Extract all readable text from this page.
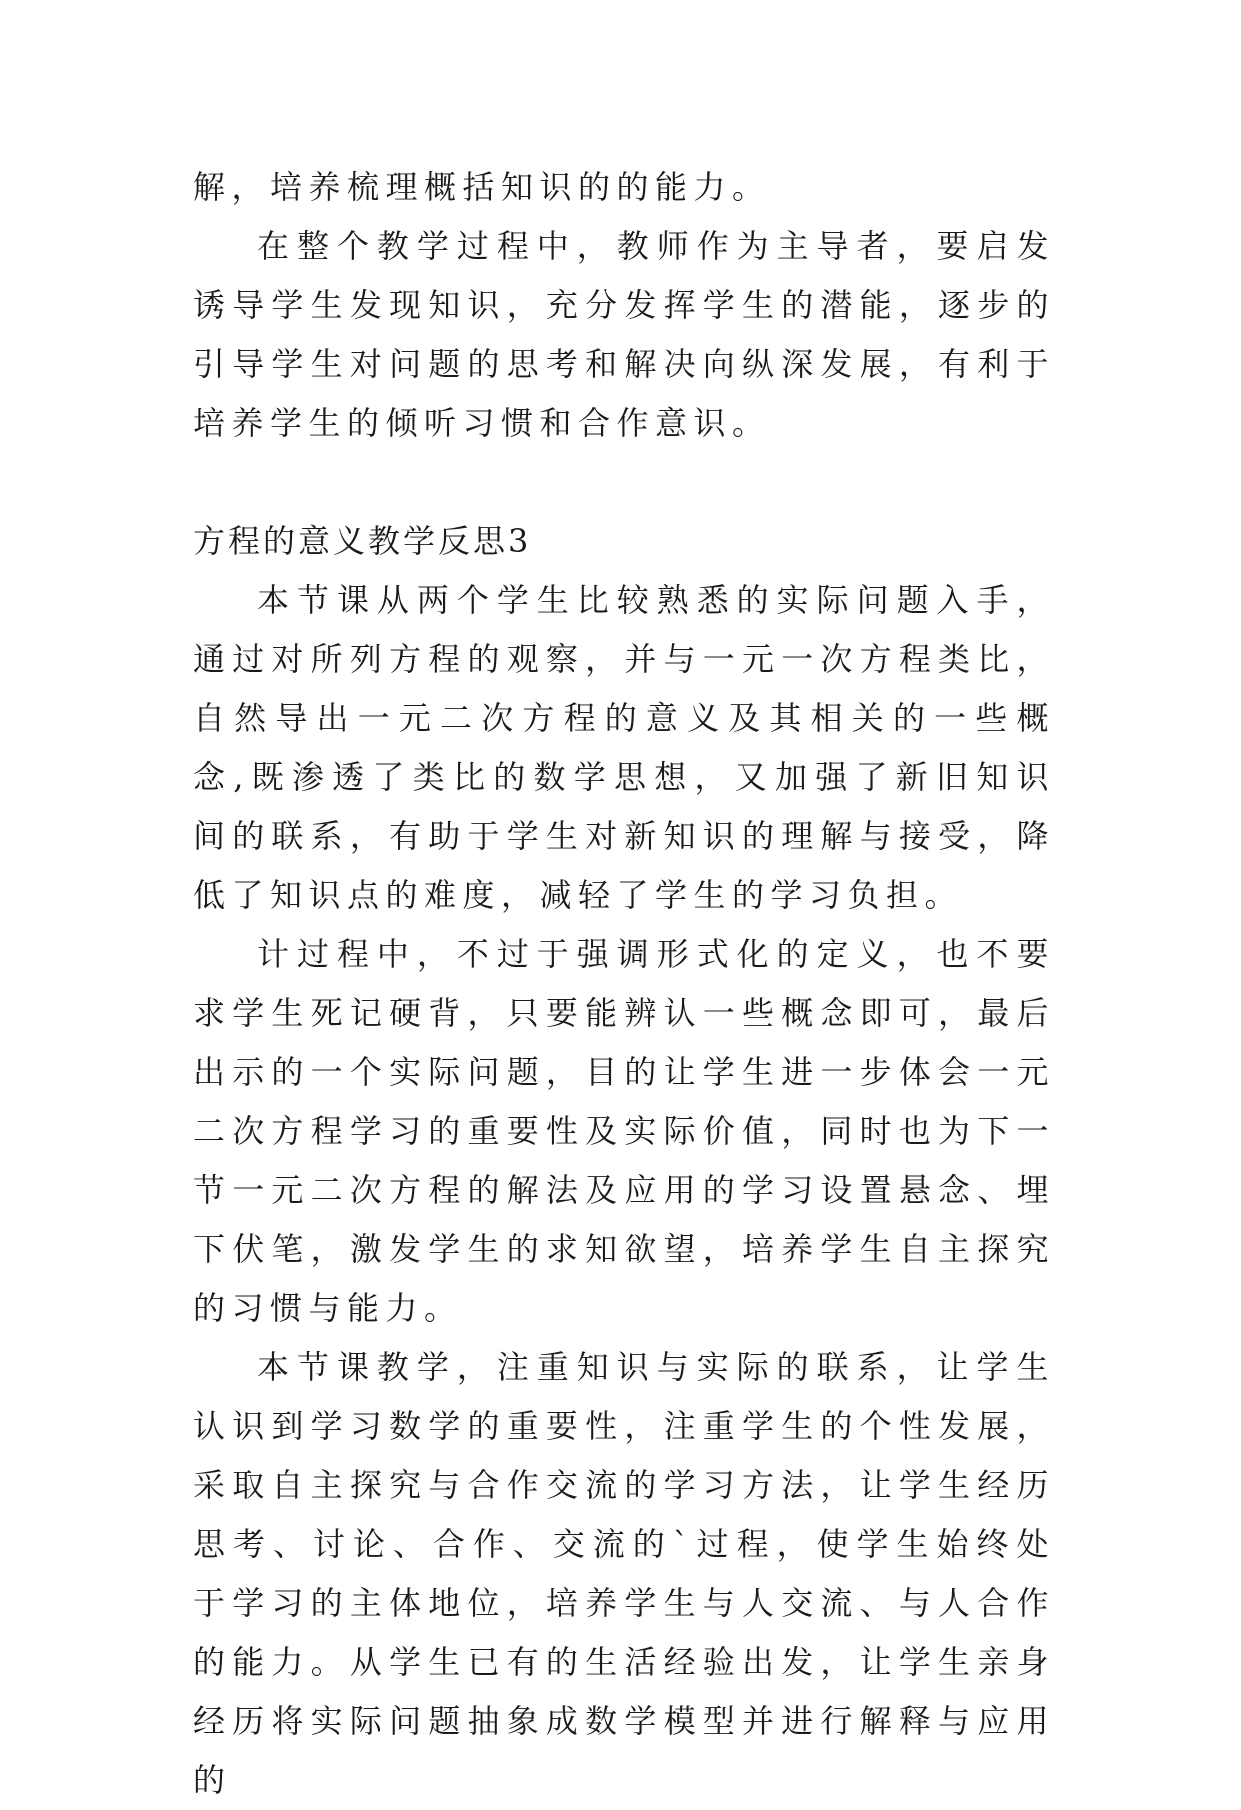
解，培养梳理概括知识的的能力。

在整个教学过程中，教师作为主导者，要启发诱导学生发现知识，充分发挥学生的潜能，逐步的引导学生对问题的思考和解决向纵深发展，有利于培养学生的倾听习惯和合作意识。

方程的意义教学反思3

本节课从两个学生比较熟悉的实际问题入手，通过对所列方程的观察，并与一元一次方程类比，自然导出一元二次方程的意义及其相关的一些概念,既渗透了类比的数学思想，又加强了新旧知识间的联系，有助于学生对新知识的理解与接受，降低了知识点的难度，减轻了学生的学习负担。

计过程中，不过于强调形式化的定义，也不要求学生死记硬背，只要能辨认一些概念即可，最后出示的一个实际问题，目的让学生进一步体会一元二次方程学习的重要性及实际价值，同时也为下一节一元二次方程的解法及应用的学习设置悬念、埋下伏笔，激发学生的求知欲望，培养学生自主探究的习惯与能力。

本节课教学，注重知识与实际的联系，让学生认识到学习数学的重要性，注重学生的个性发展，采取自主探究与合作交流的学习方法，让学生经历思考、讨论、合作、交流的`过程，使学生始终处于学习的主体地位，培养学生与人交流、与人合作的能力。从学生已有的生活经验出发，让学生亲身经历将实际问题抽象成数学模型并进行解释与应用的
